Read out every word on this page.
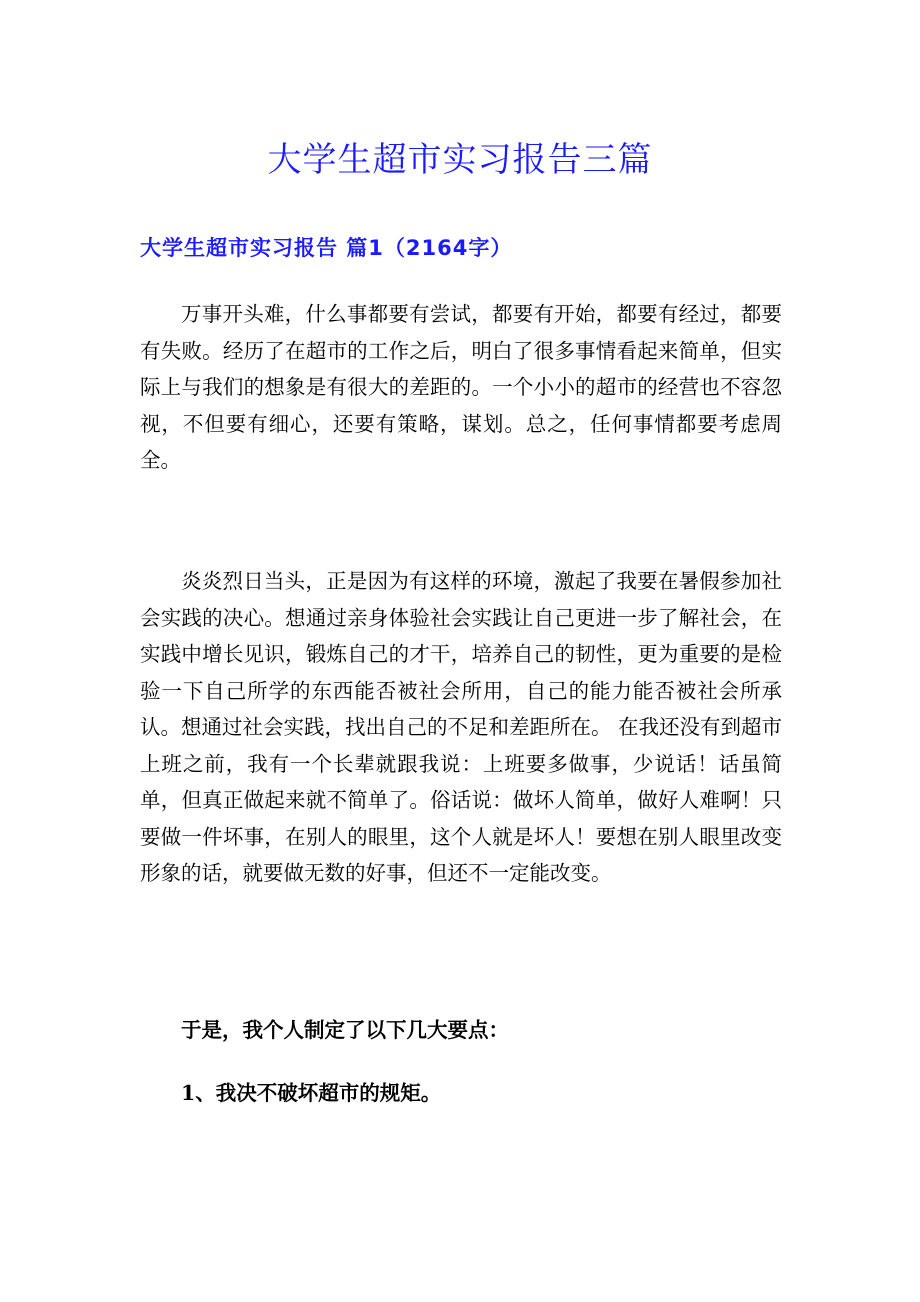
大学生超市实习报告三篇
大学生超市实习报告 篇1（2164字）

万事开头难，什么事都要有尝试，都要有开始，都要有经过，都要有失败。经历了在超市的工作之后，明白了很多事情看起来简单，但实际上与我们的想象是有很大的差距的。一个小小的超市的经营也不容忽视，不但要有细心，还要有策略，谋划。总之，任何事情都要考虑周全。

炎炎烈日当头，正是因为有这样的环境，激起了我要在暑假参加社会实践的决心。想通过亲身体验社会实践让自己更进一步了解社会，在实践中增长见识，锻炼自己的才干，培养自己的韧性，更为重要的是检验一下自己所学的东西能否被社会所用，自己的能力能否被社会所承认。想通过社会实践，找出自己的不足和差距所在。 在我还没有到超市上班之前，我有一个长辈就跟我说：上班要多做事，少说话！话虽简单，但真正做起来就不简单了。俗话说：做坏人简单，做好人难啊！只要做一件坏事，在别人的眼里，这个人就是坏人！要想在别人眼里改变形象的话，就要做无数的好事，但还不一定能改变。

于是，我个人制定了以下几大要点：

1、我决不破坏超市的规矩。
